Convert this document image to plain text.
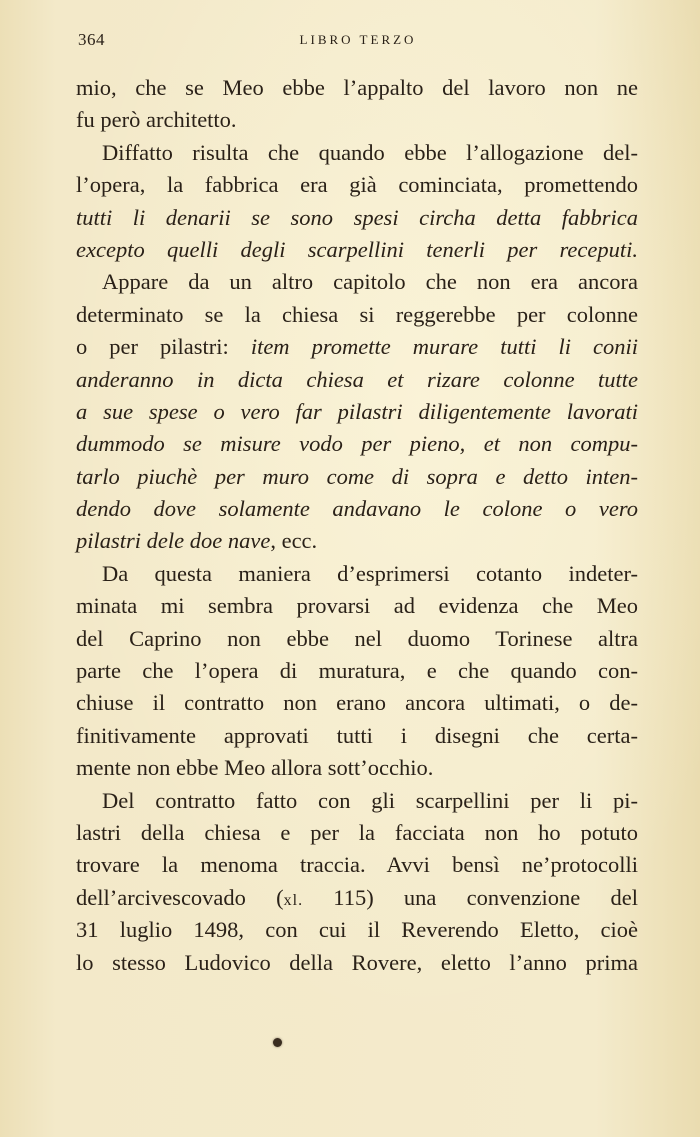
364	LIBRO TERZO
mio, che se Meo ebbe l’appalto del lavoro non ne
fu però architetto.
Diffatto risulta che quando ebbe l’allogazione del-
l’opera, la fabbrica era già cominciata, promettendo
tutti li denarii se sono spesi circha detta fabbrica
excepto quelli degli scarpellini tenerli per receputi.
Appare da un altro capitolo che non era ancora
determinato se la chiesa si reggerebbe per colonne
o per pilastri: item promette murare tutti li conii
anderanno in dicta chiesa et rizare colonne tutte
a sue spese o vero far pilastri diligentemente lavorati
dummodo se misure vodo per pieno, et non compu-
tarlo piuchè per muro come di sopra e detto inten-
dendo dove solamente andavano le colone o vero
pilastri dele doe nave, ecc.
Da questa maniera d’esprimersi cotanto indeter-
minata mi sembra provarsi ad evidenza che Meo
del Caprino non ebbe nel duomo Torinese altra
parte che l’opera di muratura, e che quando con-
chiuse il contratto non erano ancora ultimati, o de-
finitivamente approvati tutti i disegni che certa-
mente non ebbe Meo allora sott’occhio.
Del contratto fatto con gli scarpellini per li pi-
lastri della chiesa e per la facciata non ho potuto
trovare la menoma traccia. Avvi bensì ne’protocolli
dell’arcivescovado (xl. 115) una convenzione del
31 luglio 1498, con cui il Reverendo Eletto, cioè
lo stesso Ludovico della Rovere, eletto l’anno prima
